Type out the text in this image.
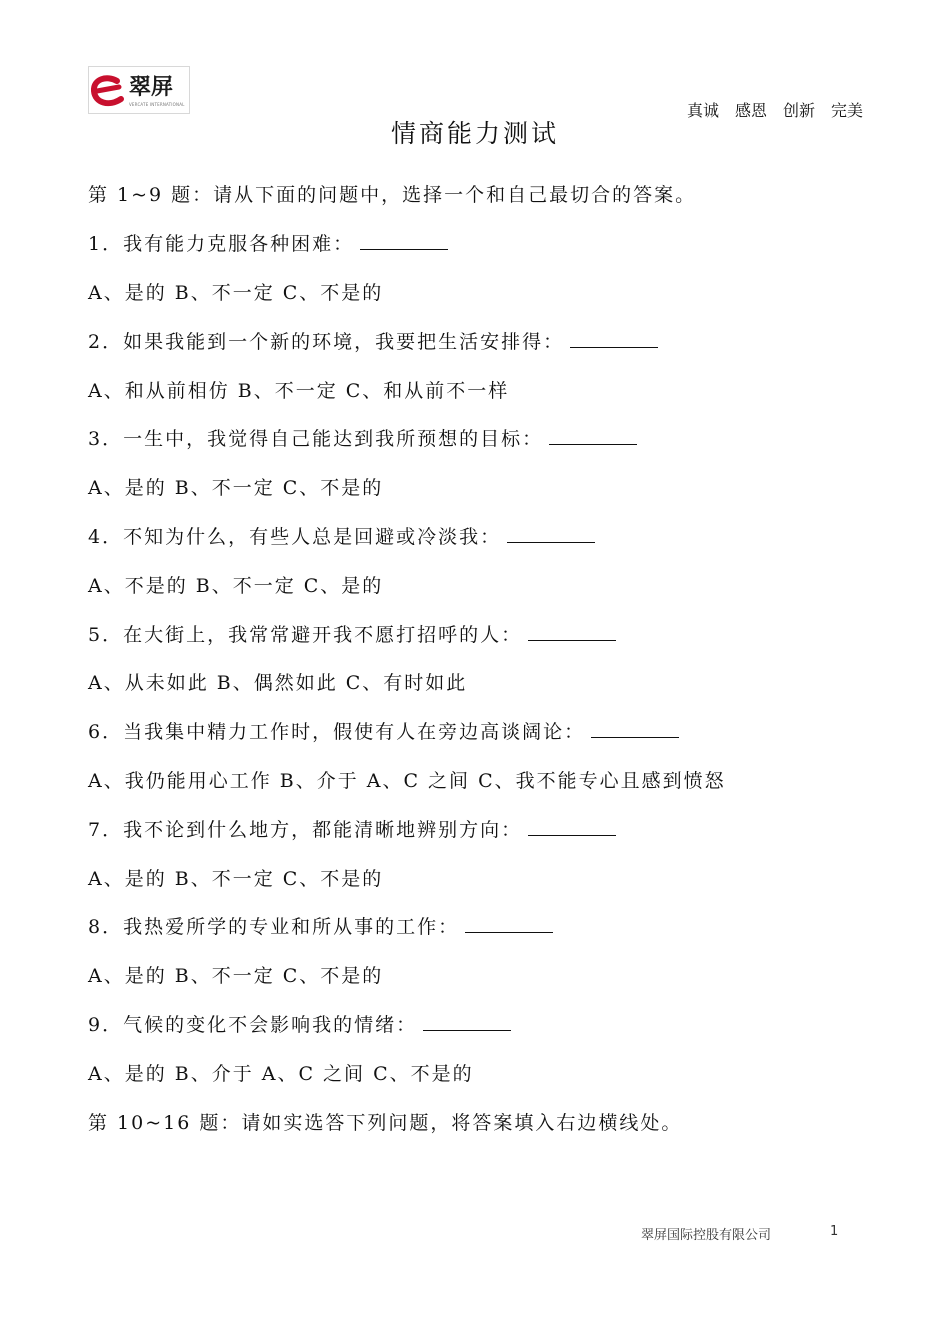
翠屏
VERCATE INTERNATIONAL	真诚 感恩 创新 完美
情商能力测试
第 1~9 题：请从下面的问题中，选择一个和自己最切合的答案。
1．我有能力克服各种困难：
A、是的 B、不一定 C、不是的
2．如果我能到一个新的环境，我要把生活安排得：
A、和从前相仿 B、不一定 C、和从前不一样
3．一生中，我觉得自己能达到我所预想的目标：
A、是的 B、不一定 C、不是的
4．不知为什么，有些人总是回避或冷淡我：
A、不是的 B、不一定 C、是的
5．在大街上，我常常避开我不愿打招呼的人：
A、从未如此 B、偶然如此 C、有时如此
6．当我集中精力工作时，假使有人在旁边高谈阔论：
A、我仍能用心工作 B、介于 A、C 之间 C、我不能专心且感到愤怒
7．我不论到什么地方，都能清晰地辨别方向：
A、是的 B、不一定 C、不是的
8．我热爱所学的专业和所从事的工作：
A、是的 B、不一定 C、不是的
9．气候的变化不会影响我的情绪：
A、是的 B、介于 A、C 之间 C、不是的
第 10~16 题：请如实选答下列问题，将答案填入右边横线处。
翠屏国际控股有限公司	1
